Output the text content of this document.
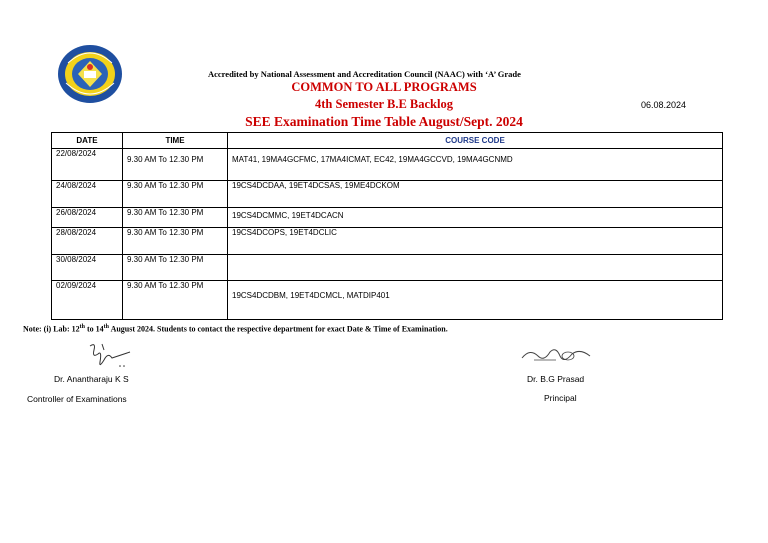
Accredited by National Assessment and Accreditation Council (NAAC) with ‘A’ Grade
COMMON TO ALL PROGRAMS
4th Semester B.E Backlog
SEE Examination Time Table August/Sept. 2024
06.08.2024
DATE	TIME	COURSE CODE
22/08/2024	9.30 AM To 12.30 PM	MAT41, 19MA4GCFMC, 17MA4ICMAT, EC42, 19MA4GCCVD, 19MA4GCNMD
24/08/2024	9.30 AM To 12.30 PM	19CS4DCDAA, 19ET4DCSAS, 19ME4DCKOM
26/08/2024	9.30 AM To 12.30 PM	19CS4DCMMC, 19ET4DCACN
28/08/2024	9.30 AM To 12.30 PM	19CS4DCOPS, 19ET4DCLIC
30/08/2024	9.30 AM To 12.30 PM	
02/09/2024	9.30 AM To 12.30 PM	19CS4DCDBM, 19ET4DCMCL, MATDIP401
Note: (i) Lab: 12th to 14th August 2024. Students to contact the respective department for exact Date & Time of Examination.
Dr. Anantharaju K S
Controller of Examinations
Dr. B.G Prasad
Principal
